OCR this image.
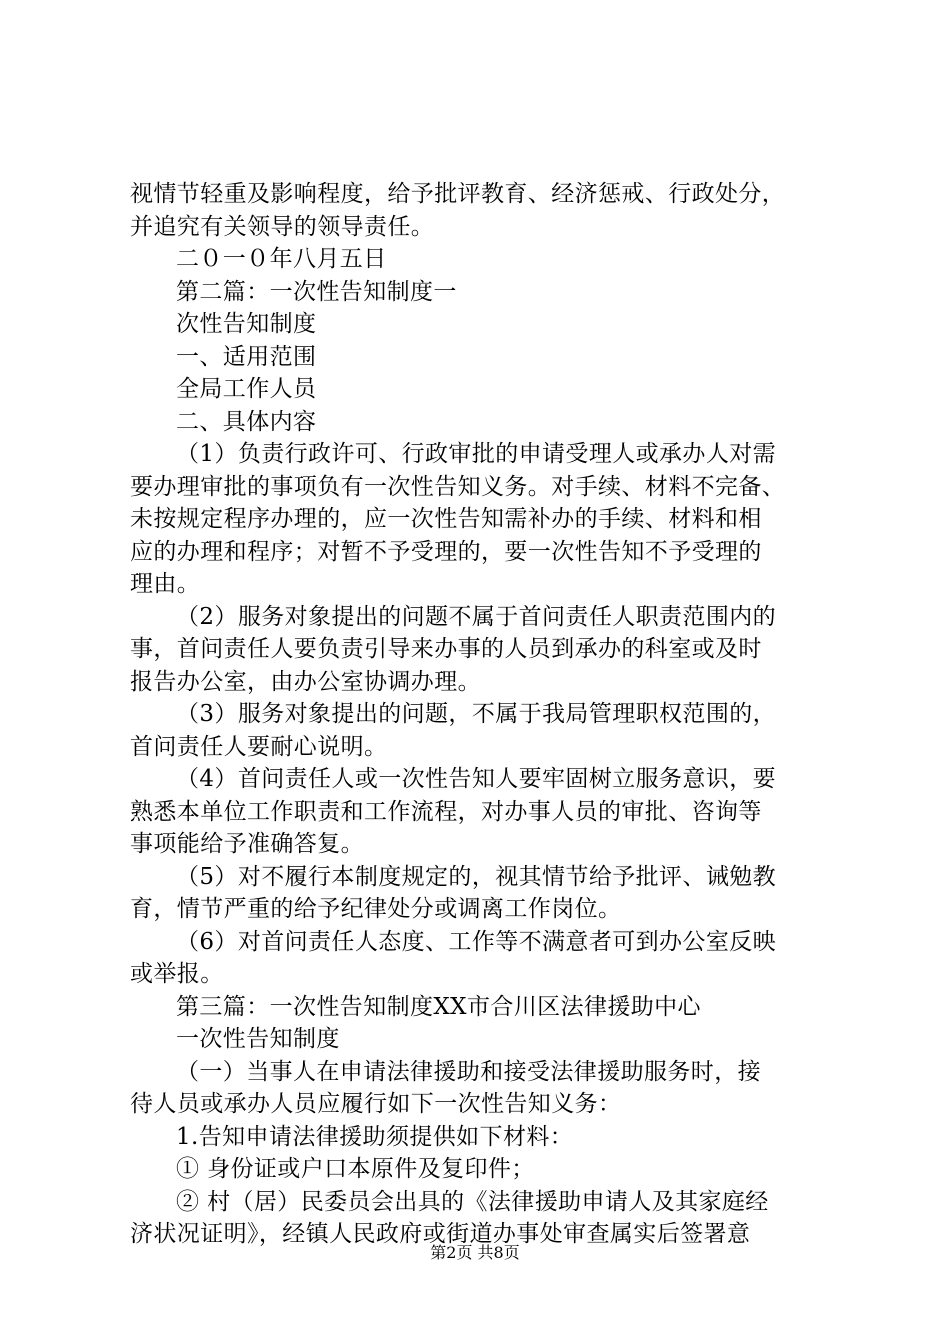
视情节轻重及影响程度，给予批评教育、经济惩戒、行政处分，
并追究有关领导的领导责任。
二０一０年八月五日
第二篇：一次性告知制度一
次性告知制度
一、适用范围
全局工作人员
二、具体内容
（1）负责行政许可、行政审批的申请受理人或承办人对需
要办理审批的事项负有一次性告知义务。对手续、材料不完备、
未按规定程序办理的，应一次性告知需补办的手续、材料和相
应的办理和程序；对暂不予受理的，要一次性告知不予受理的
理由。
（2）服务对象提出的问题不属于首问责任人职责范围内的
事，首问责任人要负责引导来办事的人员到承办的科室或及时
报告办公室，由办公室协调办理。
（3）服务对象提出的问题，不属于我局管理职权范围的，
首问责任人要耐心说明。
（4）首问责任人或一次性告知人要牢固树立服务意识，要
熟悉本单位工作职责和工作流程，对办事人员的审批、咨询等
事项能给予准确答复。
（5）对不履行本制度规定的，视其情节给予批评、诫勉教
育，情节严重的给予纪律处分或调离工作岗位。
（6）对首问责任人态度、工作等不满意者可到办公室反映
或举报。
第三篇：一次性告知制度XX市合川区法律援助中心
一次性告知制度
（一）当事人在申请法律援助和接受法律援助服务时，接
待人员或承办人员应履行如下一次性告知义务：
1.告知申请法律援助须提供如下材料：
① 身份证或户口本原件及复印件；
② 村（居）民委员会出具的《法律援助申请人及其家庭经
济状况证明》，经镇人民政府或街道办事处审查属实后签署意
第2页 共8页
